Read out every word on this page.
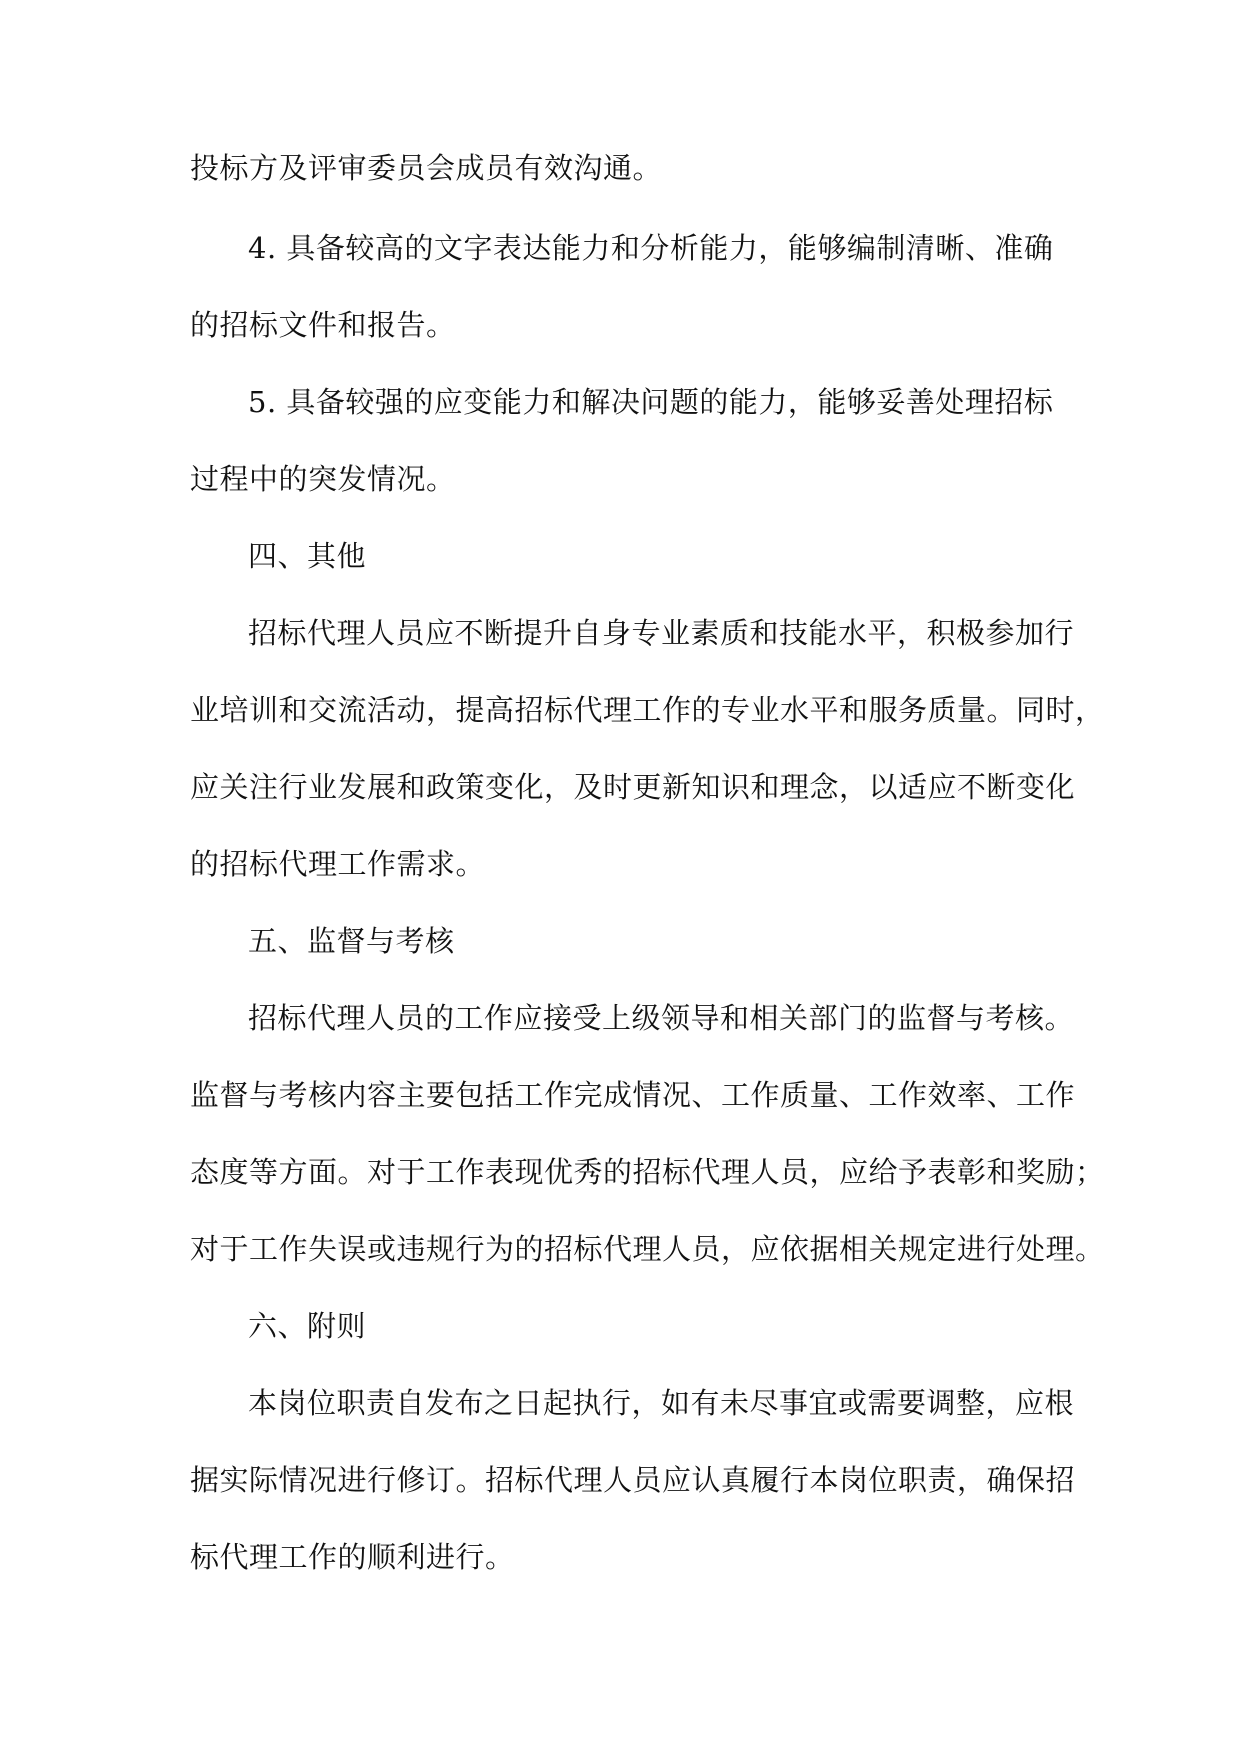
投标方及评审委员会成员有效沟通。
4. 具备较高的文字表达能力和分析能力，能够编制清晰、准确
的招标文件和报告。
5. 具备较强的应变能力和解决问题的能力，能够妥善处理招标
过程中的突发情况。
四、其他
招标代理人员应不断提升自身专业素质和技能水平，积极参加行
业培训和交流活动，提高招标代理工作的专业水平和服务质量。同时，
应关注行业发展和政策变化，及时更新知识和理念，以适应不断变化
的招标代理工作需求。
五、监督与考核
招标代理人员的工作应接受上级领导和相关部门的监督与考核。
监督与考核内容主要包括工作完成情况、工作质量、工作效率、工作
态度等方面。对于工作表现优秀的招标代理人员，应给予表彰和奖励；
对于工作失误或违规行为的招标代理人员，应依据相关规定进行处理。
六、附则
本岗位职责自发布之日起执行，如有未尽事宜或需要调整，应根
据实际情况进行修订。招标代理人员应认真履行本岗位职责，确保招
标代理工作的顺利进行。
